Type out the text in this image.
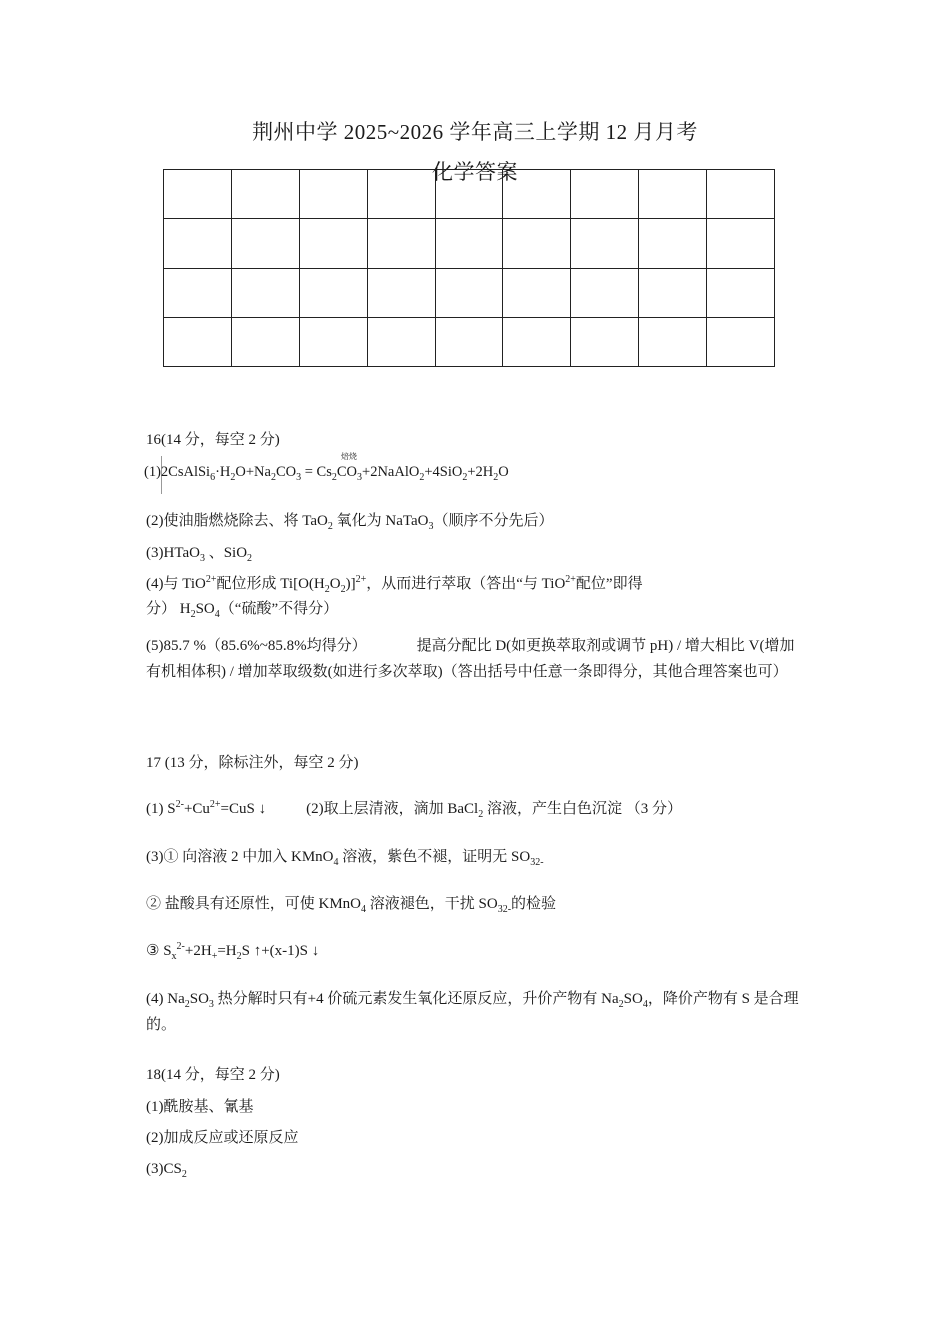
荆州中学 2025~2026 学年高三上学期 12 月月考
化学答案

16(14 分，每空 2 分)
$(1)2CsAlSi_6\cdot H_2O+Na_2CO_3$ = $Cs_2CO_3+2NaAlO_2+4SiO_2+2H_2O$
焙烧
(2)使油脂燃烧除去、将 TaO$_2$ 氧化为 NaTaO$_3$（顺序不分先后）
(3)HTaO$_3$ 、SiO$_2$
(4)与 TiO$^{2+}$配位形成 $Ti[O(H_2O_2)]^{2+}$，从而进行萃取（答出“与 TiO$^{2+}$配位”即得
分） $H_2SO_4(“$硫酸”不得分）
(5)85.7 %（85.6%~85.8%均得分）	提高分配比 D(如更换萃取剂或调节 pH) / 增大相比 V(增加有机相体积) / 增加萃取级数(如进行多次萃取)（答出括号中任意一条即得分，其他合理答案也可）
17 (13 分，除标注外，每空 2 分)
(1) $S^{2-}+Cu^{2+}=CuS$ ↓	(2)取上层清液，滴加 BaCl$_2$ 溶液，产生白色沉淀 （3 分）
(3)① 向溶液 2 中加入 KMnO$_4$ 溶液，紫色不褪，证明无 $SO_{32-}$
② 盐酸具有还原性，可使 KMnO$_4$ 溶液褪色，干扰 $SO_{32-}$的检验
③ $S_x^{2-}+2H_+=H_2S$ ↑+(x-1)S ↓
(4) $Na_2SO_3$ 热分解时只有+4 价硫元素发生氧化还原反应，升价产物有 $Na_2SO_4$，降价产物有 S 是合理的。
18(14 分，每空 2 分)
(1)酰胺基、氰基
(2)加成反应或还原反应
$(3)CS_2$
